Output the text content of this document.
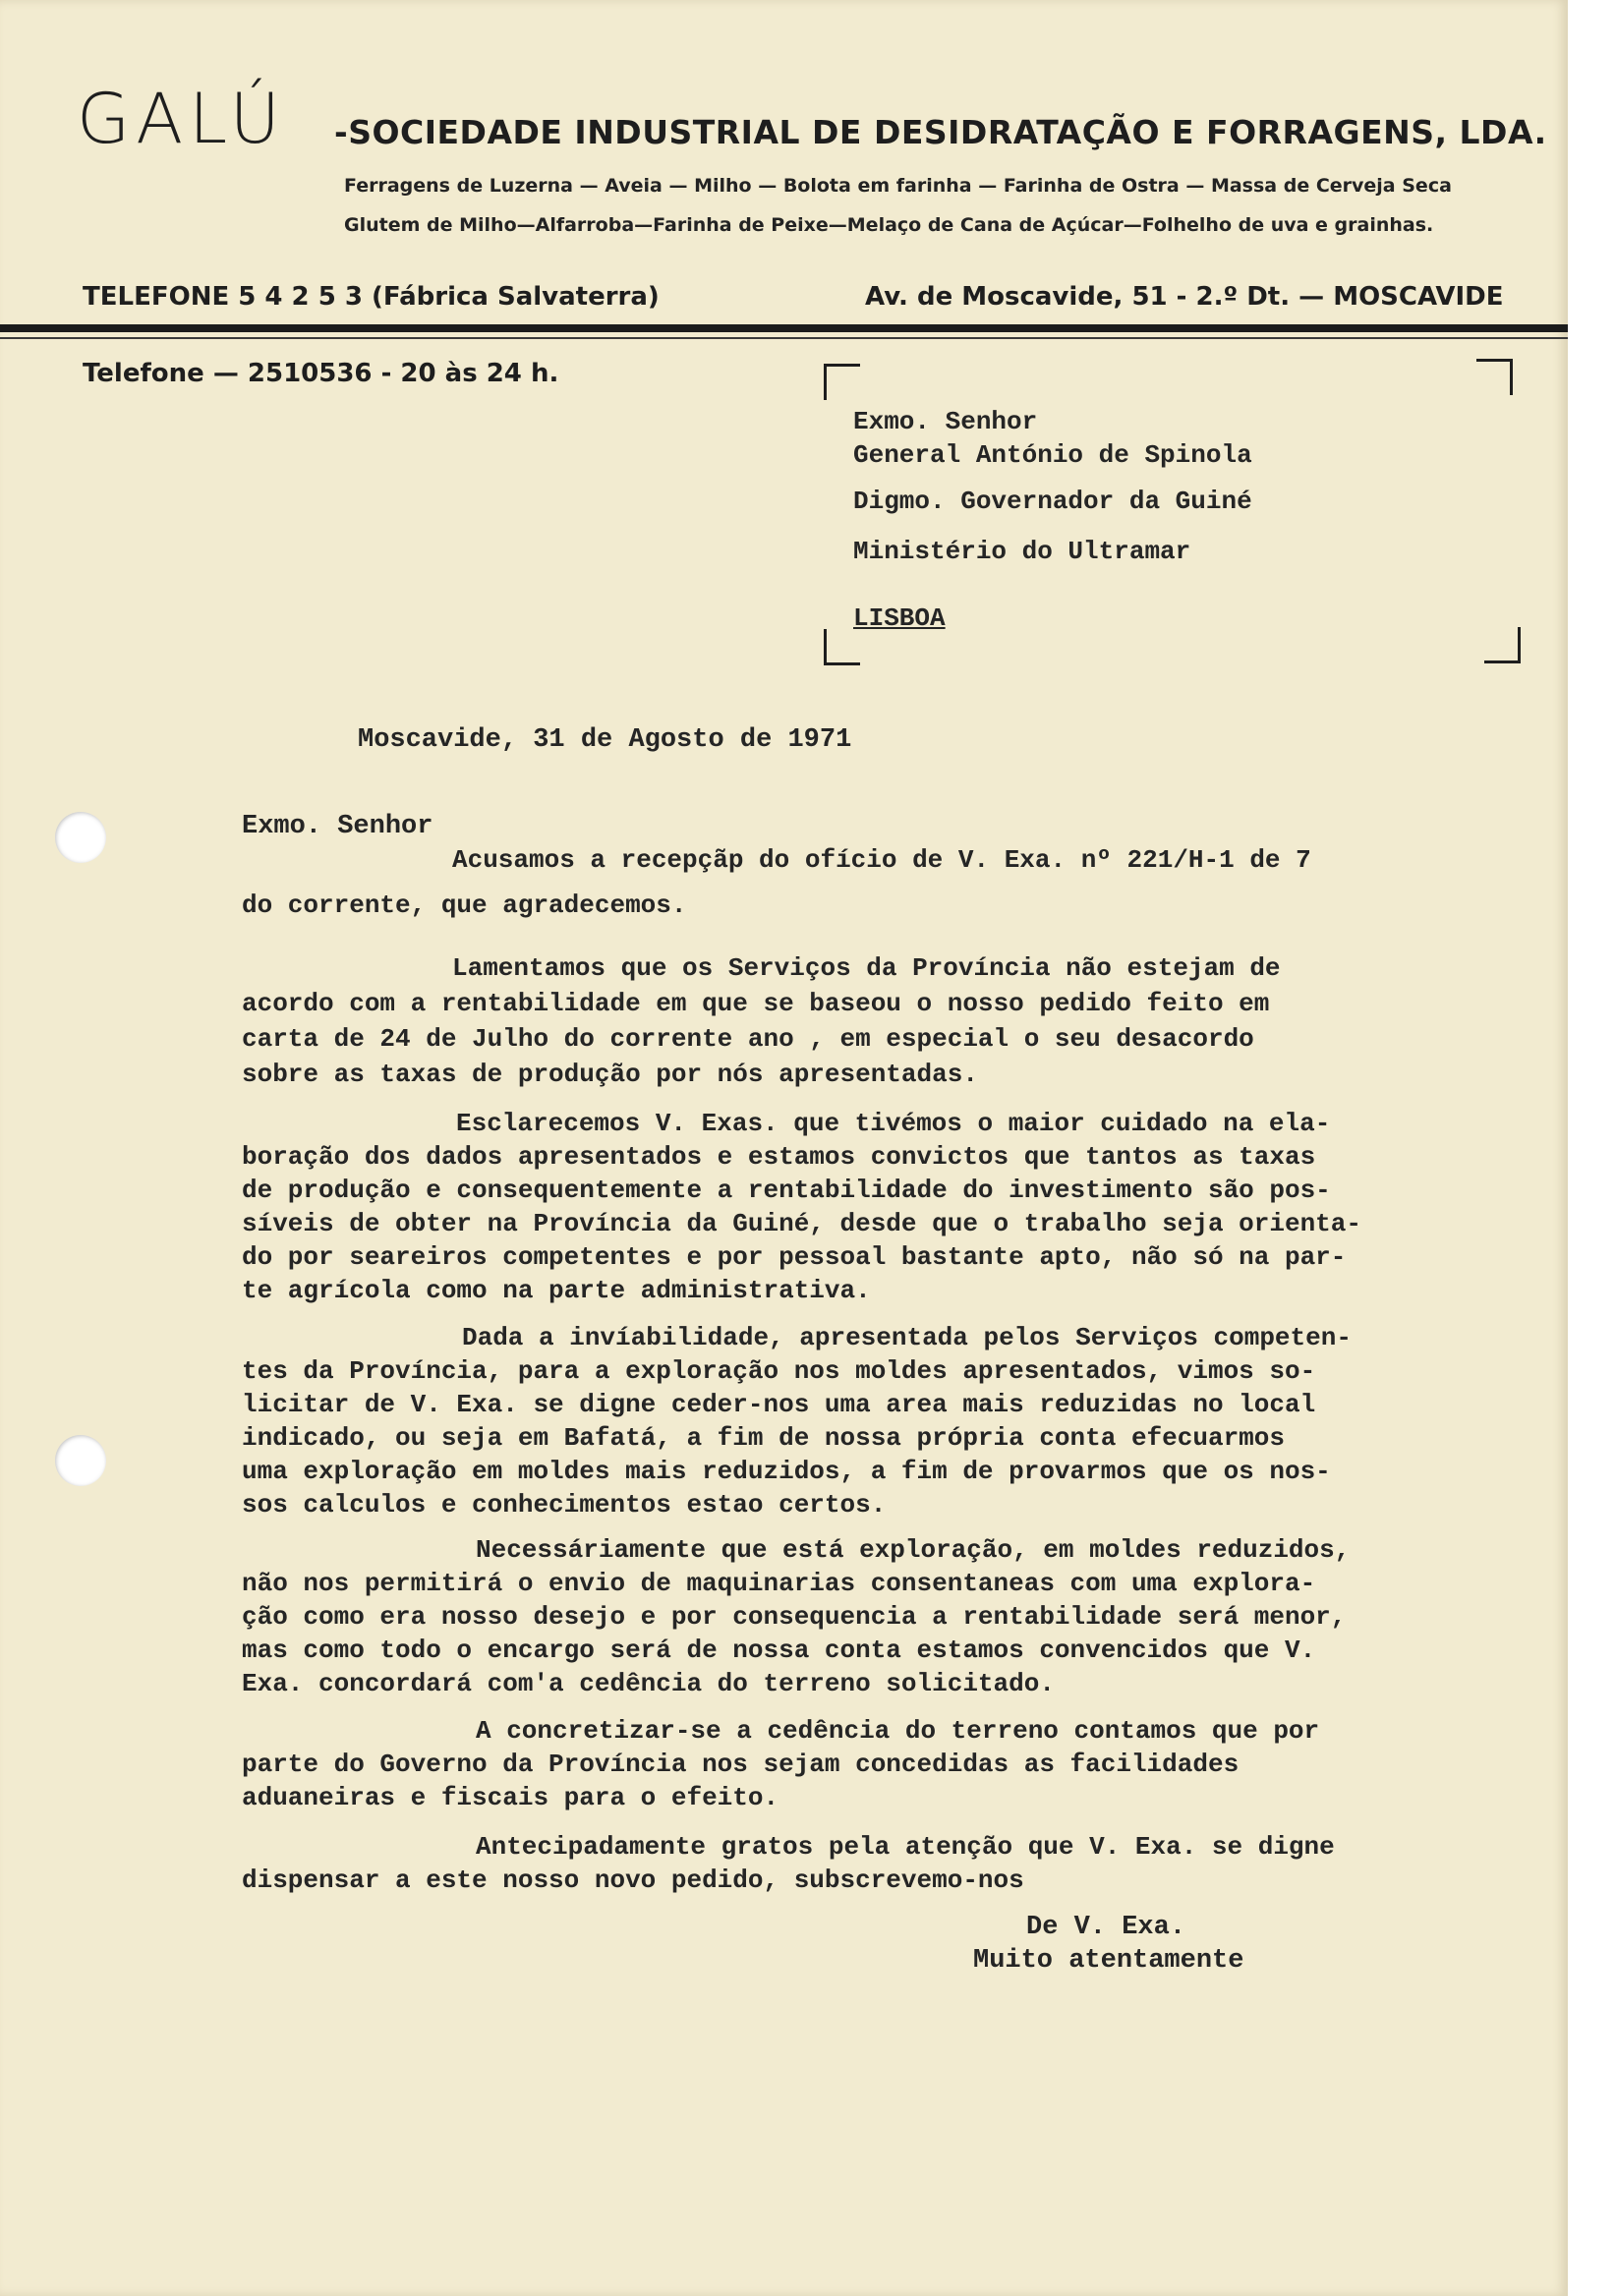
GALÚ -SOCIEDADE INDUSTRIAL DE DESIDRATAÇÃO E FORRAGENS, LDA.
Ferragens de Luzerna — Aveia — Milho — Bolota em farinha — Farinha de Ostra — Massa de Cerveja Seca
Glutem de Milho—Alfarroba—Farinha de Peixe—Melaço de Cana de Açúcar—Folhelho de uva e grainhas.
TELEFONE 5 4 2 5 3 (Fábrica Salvaterra)	Av. de Moscavide, 51 - 2.º Dt. — MOSCAVIDE
Telefone — 2510536 - 20 às 24 h.
Exmo. Senhor
General António de Spinola
Digmo. Governador da Guiné
Ministério do Ultramar
LISBOA
Moscavide, 31 de Agosto de 1971
Exmo. Senhor
Acusamos a recepçãp do ofício de V. Exa. nº 221/H-1 de 7
do corrente, que agradecemos.
Lamentamos que os Serviços da Província não estejam de
acordo com a rentabilidade em que se baseou o nosso pedido feito em
carta de 24 de Julho do corrente ano , em especial o seu desacordo
sobre as taxas de produção por nós apresentadas.
Esclarecemos V. Exas. que tivémos o maior cuidado na ela-
boração dos dados apresentados e estamos convictos que tantos as taxas
de produção e consequentemente a rentabilidade do investimento são pos-
síveis de obter na Província da Guiné, desde que o trabalho seja orienta-
do por seareiros competentes e por pessoal bastante apto, não só na par-
te agrícola como na parte administrativa.
Dada a invíabilidade, apresentada pelos Serviços competen-
tes da Província, para a exploração nos moldes apresentados, vimos so-
licitar de V. Exa. se digne ceder-nos uma area mais reduzidas no local
indicado, ou seja em Bafatá, a fim de nossa própria conta efecuarmos
uma exploração em moldes mais reduzidos, a fim de provarmos que os nos-
sos calculos e conhecimentos estao certos.
Necessáriamente que está exploração, em moldes reduzidos,
não nos permitirá o envio de maquinarias consentaneas com uma explora-
ção como era nosso desejo e por consequencia a rentabilidade será menor,
mas como todo o encargo será de nossa conta estamos convencidos que V.
Exa. concordará com'a cedência do terreno solicitado.
A concretizar-se a cedência do terreno contamos que por
parte do Governo da Província nos sejam concedidas as facilidades
aduaneiras e fiscais para o efeito.
Antecipadamente gratos pela atenção que V. Exa. se digne
dispensar a este nosso novo pedido, subscrevemo-nos
De V. Exa.
Muito atentamente
